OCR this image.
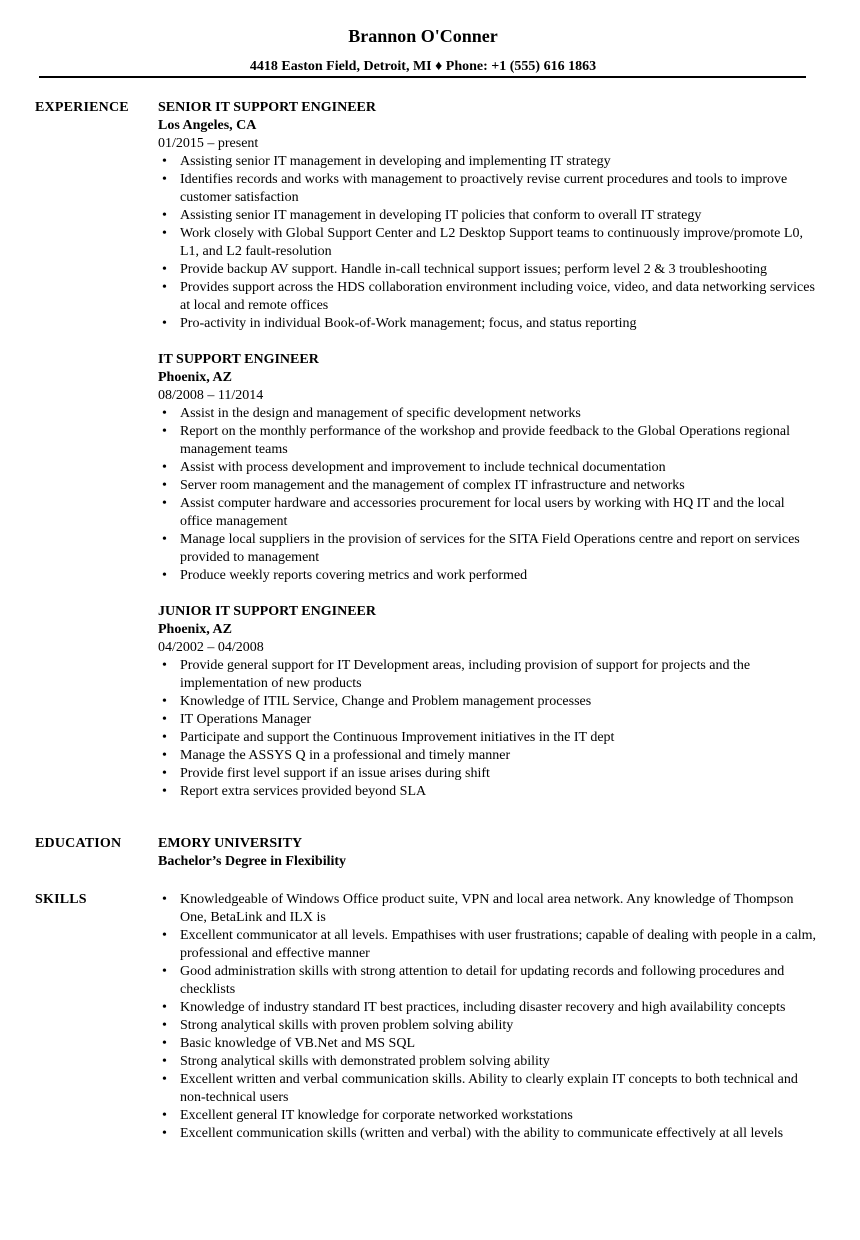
Brannon O'Conner
4418 Easton Field, Detroit, MI ♦ Phone: +1 (555) 616 1863
EXPERIENCE SENIOR IT SUPPORT ENGINEER
Los Angeles, CA
01/2015 – present
• Assisting senior IT management in developing and implementing IT strategy
• Identifies records and works with management to proactively revise current procedures and tools to improve customer satisfaction
• Assisting senior IT management in developing IT policies that conform to overall IT strategy
• Work closely with Global Support Center and L2 Desktop Support teams to continuously improve/promote L0, L1, and L2 fault-resolution
• Provide backup AV support. Handle in-call technical support issues; perform level 2 & 3 troubleshooting
• Provides support across the HDS collaboration environment including voice, video, and data networking services at local and remote offices
• Pro-activity in individual Book-of-Work management; focus, and status reporting
IT SUPPORT ENGINEER
Phoenix, AZ
08/2008 – 11/2014
• Assist in the design and management of specific development networks
• Report on the monthly performance of the workshop and provide feedback to the Global Operations regional management teams
• Assist with process development and improvement to include technical documentation
• Server room management and the management of complex IT infrastructure and networks
• Assist computer hardware and accessories procurement for local users by working with HQ IT and the local office management
• Manage local suppliers in the provision of services for the SITA Field Operations centre and report on services provided to management
• Produce weekly reports covering metrics and work performed
JUNIOR IT SUPPORT ENGINEER
Phoenix, AZ
04/2002 – 04/2008
• Provide general support for IT Development areas, including provision of support for projects and the implementation of new products
• Knowledge of ITIL Service, Change and Problem management processes
• IT Operations Manager
• Participate and support the Continuous Improvement initiatives in the IT dept
• Manage the ASSYS Q in a professional and timely manner
• Provide first level support if an issue arises during shift
• Report extra services provided beyond SLA
EDUCATION	EMORY UNIVERSITY
Bachelor’s Degree in Flexibility
SKILLS
•	Knowledgeable of Windows Office product suite, VPN and local area network. Any knowledge of Thompson One, BetaLink and ILX is
• Excellent communicator at all levels. Empathises with user frustrations; capable of dealing with people in a calm, professional and effective manner
• Good administration skills with strong attention to detail for updating records and following procedures and checklists
• Knowledge of industry standard IT best practices, including disaster recovery and high availability concepts
• Strong analytical skills with proven problem solving ability
• Basic knowledge of VB.Net and MS SQL
• Strong analytical skills with demonstrated problem solving ability
• Excellent written and verbal communication skills. Ability to clearly explain IT concepts to both technical and non-technical users
• Excellent general IT knowledge for corporate networked workstations
• Excellent communication skills (written and verbal) with the ability to communicate effectively at all levels
